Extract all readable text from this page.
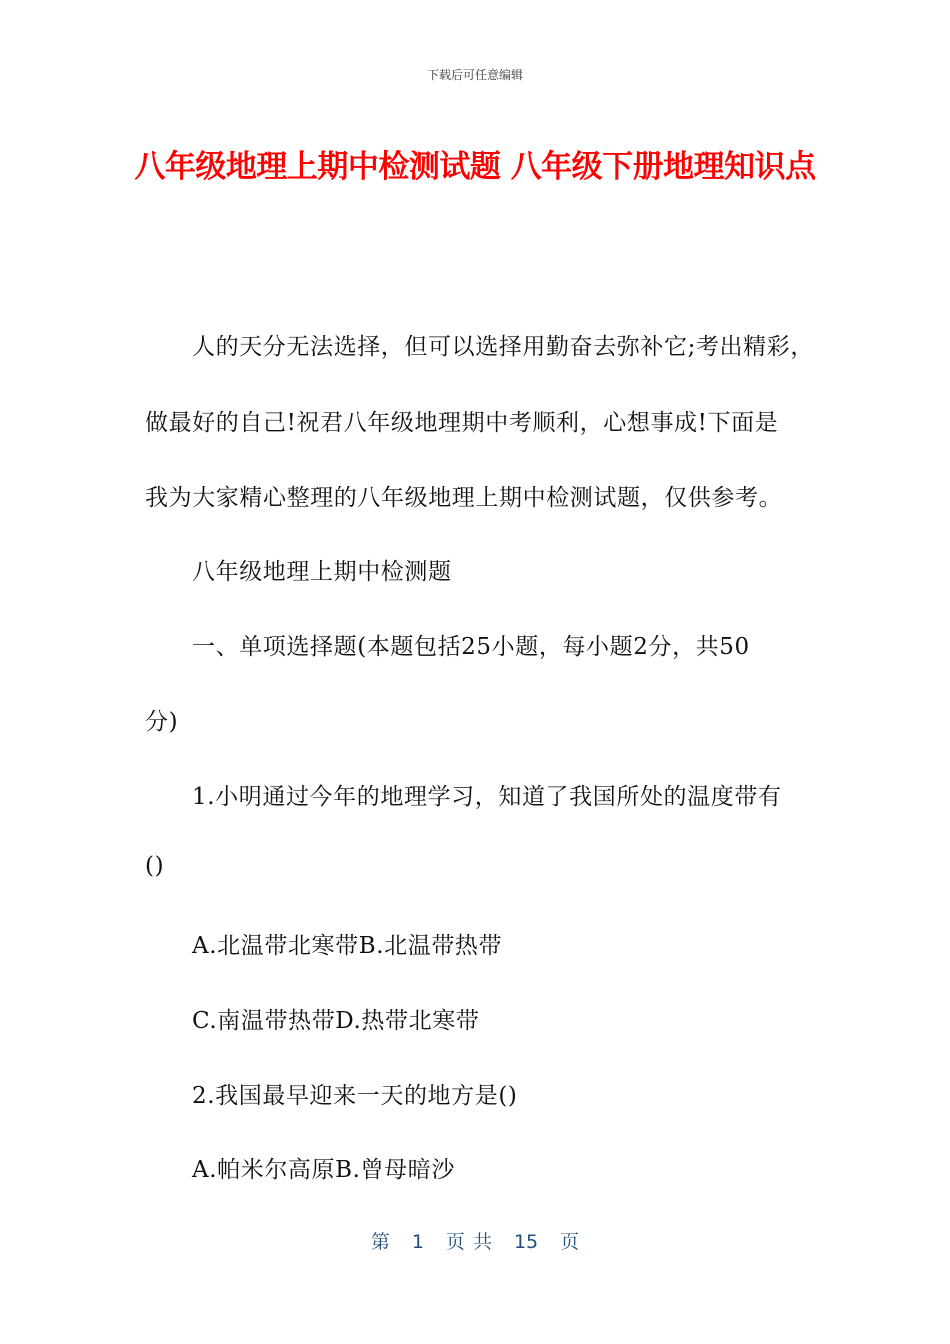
下载后可任意编辑
八年级地理上期中检测试题 八年级下册地理知识点
人的天分无法选择，但可以选择用勤奋去弥补它;考出精彩，
做最好的自己!祝君八年级地理期中考顺利，心想事成!下面是
我为大家精心整理的八年级地理上期中检测试题，仅供参考。
八年级地理上期中检测题
一、单项选择题(本题包括25小题，每小题2分，共50
分)
1.小明通过今年的地理学习，知道了我国所处的温度带有
()
A.北温带北寒带B.北温带热带
C.南温带热带D.热带北寒带
2.我国最早迎来一天的地方是()
A.帕米尔高原B.曾母暗沙
第 1 页 共 15 页
